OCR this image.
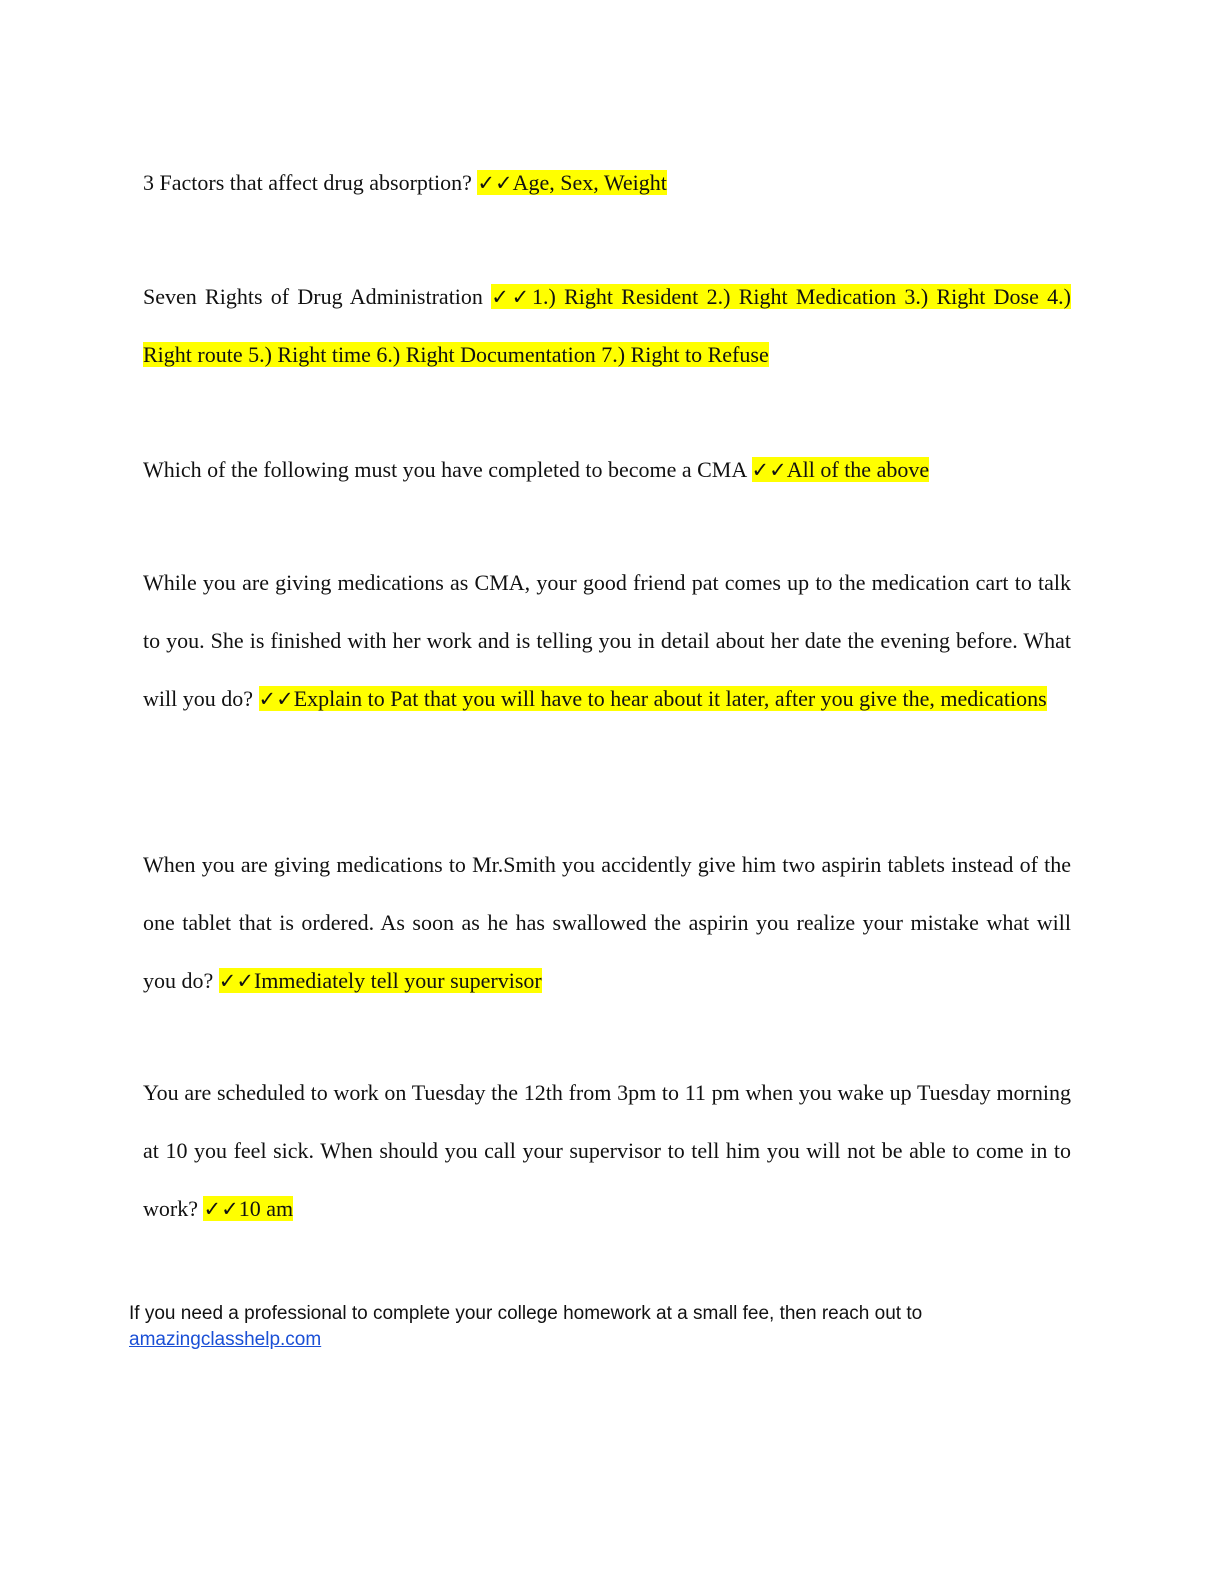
3 Factors that affect drug absorption? ✓✓Age, Sex, Weight

Seven Rights of Drug Administration ✓✓1.) Right Resident 2.) Right Medication 3.) Right Dose 4.) Right route 5.) Right time 6.) Right Documentation 7.) Right to Refuse

Which of the following must you have completed to become a CMA ✓✓All of the above

While you are giving medications as CMA, your good friend pat comes up to the medication cart to talk to you. She is finished with her work and is telling you in detail about her date the evening before. What will you do? ✓✓Explain to Pat that you will have to hear about it later, after you give the, medications

When you are giving medications to Mr.Smith you accidently give him two aspirin tablets instead of the one tablet that is ordered. As soon as he has swallowed the aspirin you realize your mistake what will you do? ✓✓Immediately tell your supervisor

You are scheduled to work on Tuesday the 12th from 3pm to 11 pm when you wake up Tuesday morning at 10 you feel sick. When should you call your supervisor to tell him you will not be able to come in to work? ✓✓10 am

If you need a professional to complete your college homework at a small fee, then reach out to
amazingclasshelp.com
